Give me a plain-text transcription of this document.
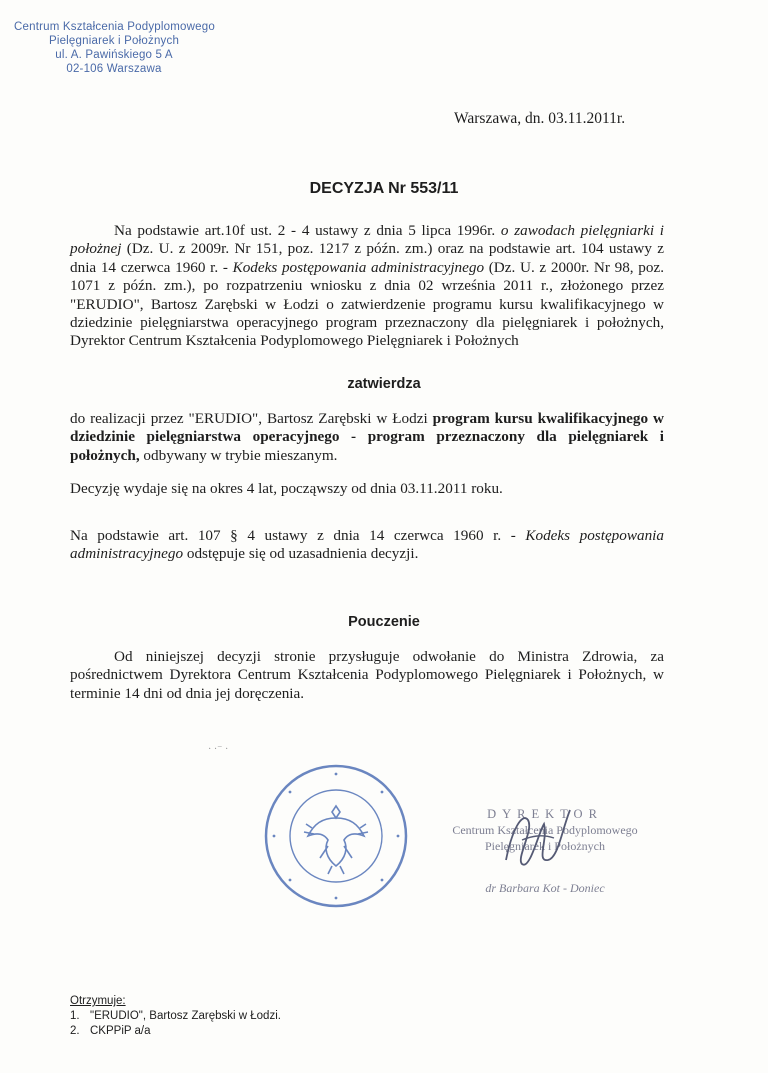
Centrum Kształcenia Podyplomowego
Pielęgniarek i Położnych
ul. A. Pawińskiego 5 A
02-106 Warszawa
Warszawa, dn. 03.11.2011r.
DECYZJA Nr 553/11
Na podstawie art.10f ust. 2 - 4 ustawy z dnia 5 lipca 1996r. o zawodach pielęgniarki i położnej (Dz. U. z 2009r. Nr 151, poz. 1217 z późn. zm.) oraz na podstawie art. 104 ustawy z dnia 14 czerwca 1960 r. - Kodeks postępowania administracyjnego (Dz. U. z 2000r. Nr 98, poz. 1071 z późn. zm.), po rozpatrzeniu wniosku z dnia 02 września 2011 r., złożonego przez "ERUDIO", Bartosz Zarębski w Łodzi o zatwierdzenie programu kursu kwalifikacyjnego w dziedzinie pielęgniarstwa operacyjnego program przeznaczony dla pielęgniarek i położnych, Dyrektor Centrum Kształcenia Podyplomowego Pielęgniarek i Położnych
zatwierdza
do realizacji przez "ERUDIO", Bartosz Zarębski w Łodzi program kursu kwalifikacyjnego w dziedzinie pielęgniarstwa operacyjnego - program przeznaczony dla pielęgniarek i położnych, odbywany w trybie mieszanym.
Decyzję wydaje się na okres 4 lat, począwszy od dnia 03.11.2011 roku.
Na podstawie art. 107 § 4 ustawy z dnia 14 czerwca 1960 r. - Kodeks postępowania administracyjnego odstępuje się od uzasadnienia decyzji.
Pouczenie
Od niniejszej decyzji stronie przysługuje odwołanie do Ministra Zdrowia, za pośrednictwem Dyrektora Centrum Kształcenia Podyplomowego Pielęgniarek i Położnych, w terminie 14 dni od dnia jej doręczenia.
· ·⁻ ·
DYREKTOR
Centrum Kształcenia Podyplomowego
Pielęgniarek i Położnych
dr Barbara Kot - Doniec
Otrzymuje:
1. "ERUDIO", Bartosz Zarębski w Łodzi.
2. CKPPiP a/a
